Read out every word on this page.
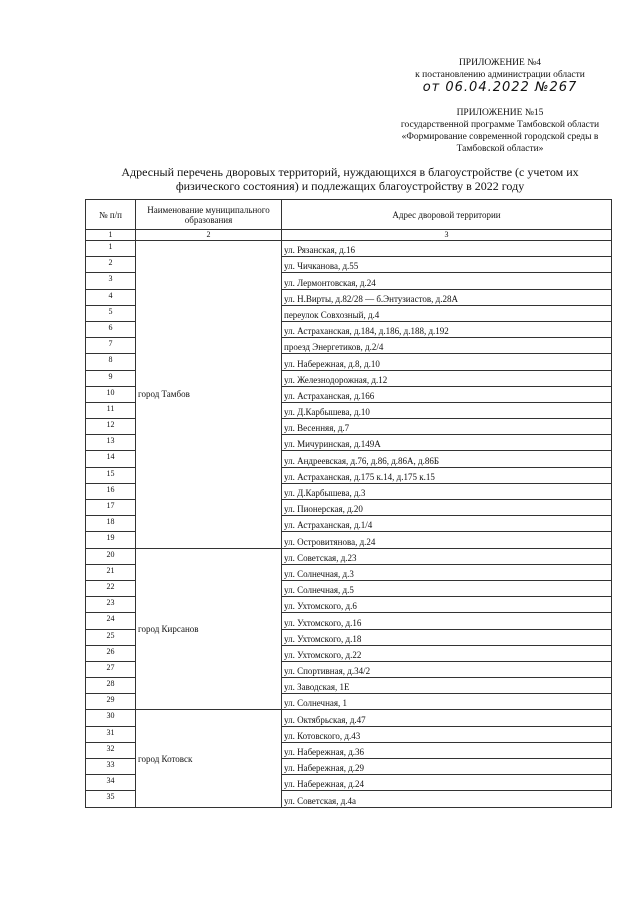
ПРИЛОЖЕНИЕ №4
к постановлению администрации области
от 06.04.2022 №267
ПРИЛОЖЕНИЕ №15
государственной программе Тамбовской области
«Формирование современной городской среды в
Тамбовской области»
Адресный перечень дворовых территорий, нуждающихся в благоустройстве (с учетом их физического состояния) и подлежащих благоустройству в 2022 году
№ п/п	Наименование муниципального образования	Адрес дворовой территории
1	2	3
1	город Тамбов	ул. Рязанская, д.16
2		ул. Чичканова, д.55
3		ул. Лермонтовская, д.24
4		ул. Н.Вирты, д.82/28 — б.Энтузиастов, д.28А
5		переулок Совхозный, д.4
6		ул. Астраханская, д.184, д.186, д.188, д.192
7		проезд Энергетиков, д.2/4
8		ул. Набережная, д.8, д.10
9		ул. Железнодорожная, д.12
10		ул. Астраханская, д.166
11		ул. Д.Карбышева, д.10
12		ул. Весенняя, д.7
13		ул. Мичуринская, д.149А
14		ул. Андреевская, д.76, д.86, д.86А, д.86Б
15		ул. Астраханская, д.175 к.14, д.175 к.15
16		ул. Д.Карбышева, д.3
17		ул. Пионерская, д.20
18		ул. Астраханская, д.1/4
19		ул. Островитянова, д.24
20	город Кирсанов	ул. Советская, д.23
21		ул. Солнечная, д.3
22		ул. Солнечная, д.5
23		ул. Ухтомского, д.6
24		ул. Ухтомского, д.16
25		ул. Ухтомского, д.18
26		ул. Ухтомского, д.22
27		ул. Спортивная, д.34/2
28		ул. Заводская, 1Е
29		ул. Солнечная, 1
30	город Котовск	ул. Октябрьская, д.47
31		ул. Котовского, д.43
32		ул. Набережная, д.36
33		ул. Набережная, д.29
34		ул. Набережная, д.24
35		ул. Советская, д.4а
